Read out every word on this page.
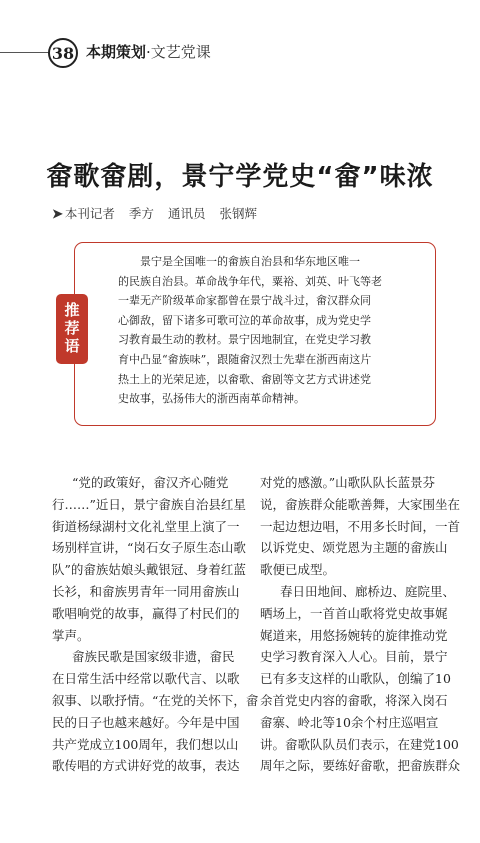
38 本期策划·文艺党课
畲歌畲剧，景宁学党史“畲”味浓
➤ 本刊记者 季方 通讯员 张钢辉
推荐语

景宁是全国唯一的畲族自治县和华东地区唯一
的民族自治县。革命战争年代，粟裕、刘英、叶飞等老
一辈无产阶级革命家都曾在景宁战斗过，畲汉群众同
心御敌，留下诸多可歌可泣的革命故事，成为党史学
习教育最生动的教材。景宁因地制宜，在党史学习教
育中凸显“畲族味”，跟随畲汉烈士先辈在浙西南这片
热土上的光荣足迹，以畲歌、畲剧等文艺方式讲述党
史故事，弘扬伟大的浙西南革命精神。

“党的政策好，畲汉齐心随党

行……”近日，景宁畲族自治县红星
街道杨绿湖村文化礼堂里上演了一
场别样宣讲，“岗石女子原生态山歌
队”的畲族姑娘头戴银冠、身着红蓝
长衫，和畲族男青年一同用畲族山
歌唱响党的故事，赢得了村民们的
掌声。

畲族民歌是国家级非遗，畲民

在日常生活中经常以歌代言、以歌
叙事、以歌抒情。“在党的关怀下，畲
民的日子也越来越好。今年是中国
共产党成立100周年，我们想以山
歌传唱的方式讲好党的故事，表达

对党的感激。”山歌队队长蓝景芬

说，畲族群众能歌善舞，大家围坐在
一起边想边唱，不用多长时间，一首
以诉党史、颂党恩为主题的畲族山
歌便已成型。

春日田地间、廊桥边、庭院里、

晒场上，一首首山歌将党史故事娓
娓道来，用悠扬婉转的旋律推动党
史学习教育深入人心。目前，景宁
已有多支这样的山歌队，创编了10
余首党史内容的畲歌，将深入岗石
畲寨、岭北等10余个村庄巡唱宣
讲。畲歌队队员们表示，在建党100
周年之际，要练好畲歌，把畲族群众
